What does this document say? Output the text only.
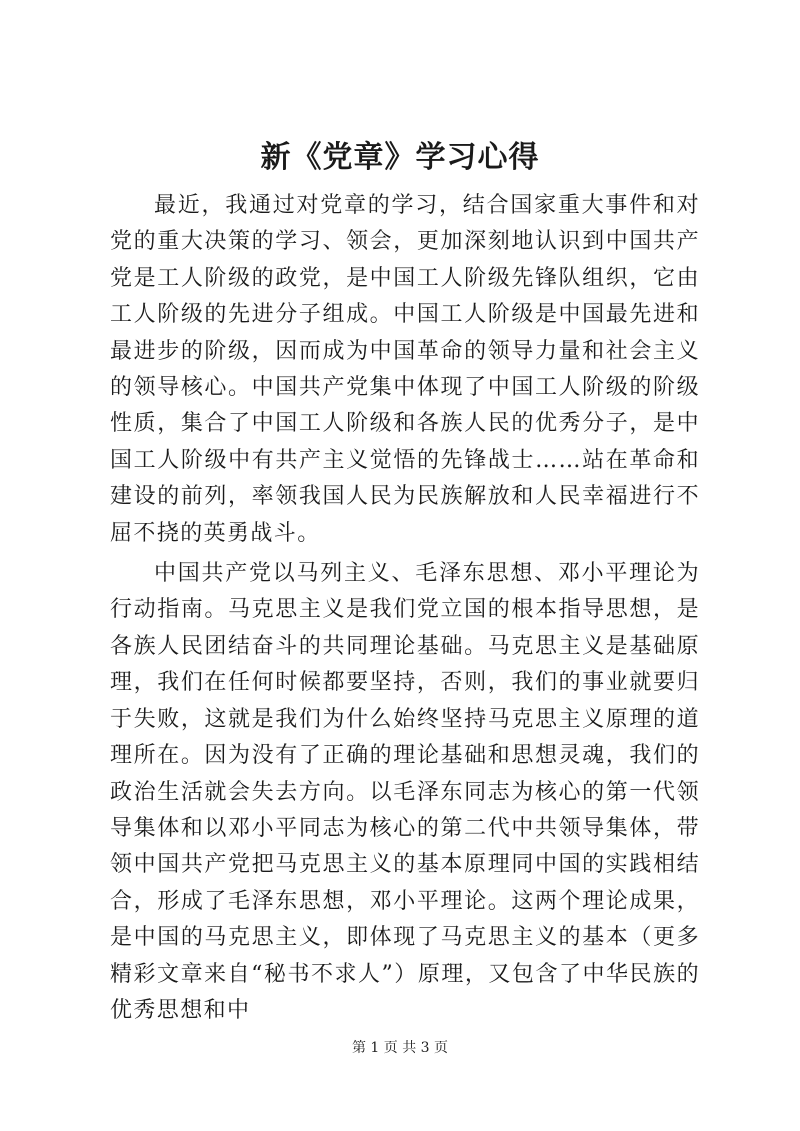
新《党章》学习心得

最近，我通过对党章的学习，结合国家重大事件和对党的重大决策的学习、领会，更加深刻地认识到中国共产党是工人阶级的政党，是中国工人阶级先锋队组织，它由工人阶级的先进分子组成。中国工人阶级是中国最先进和最进步的阶级，因而成为中国革命的领导力量和社会主义的领导核心。中国共产党集中体现了中国工人阶级的阶级性质，集合了中国工人阶级和各族人民的优秀分子，是中国工人阶级中有共产主义觉悟的先锋战士……站在革命和建设的前列，率领我国人民为民族解放和人民幸福进行不屈不挠的英勇战斗。

中国共产党以马列主义、毛泽东思想、邓小平理论为行动指南。马克思主义是我们党立国的根本指导思想，是各族人民团结奋斗的共同理论基础。马克思主义是基础原理，我们在任何时候都要坚持，否则，我们的事业就要归于失败，这就是我们为什么始终坚持马克思主义原理的道理所在。因为没有了正确的理论基础和思想灵魂，我们的政治生活就会失去方向。以毛泽东同志为核心的第一代领导集体和以邓小平同志为核心的第二代中共领导集体，带领中国共产党把马克思主义的基本原理同中国的实践相结合，形成了毛泽东思想，邓小平理论。这两个理论成果，是中国的马克思主义，即体现了马克思主义的基本（更多精彩文章来自“秘书不求人”）原理，又包含了中华民族的优秀思想和中

第 1 页 共 3 页
